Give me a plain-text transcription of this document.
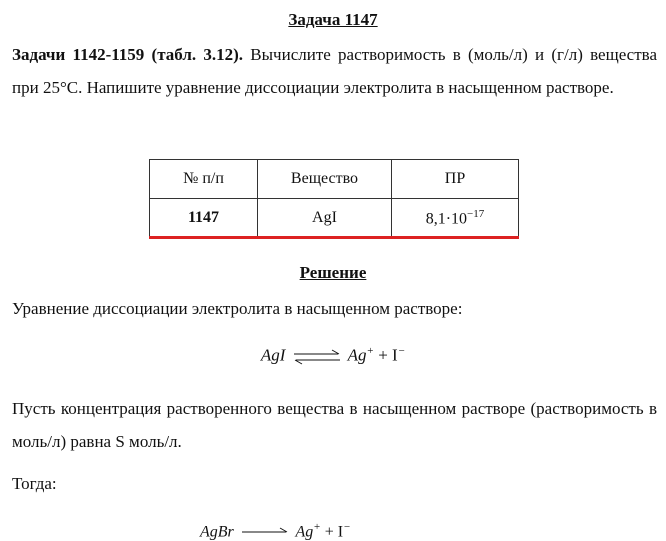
Задача 1147
Задачи 1142-1159 (табл. 3.12). Вычислите растворимость в (моль/л) и (г/л) вещества при 25°C. Напишите уравнение диссоциации электролита в насыщенном растворе.
№ п/п	Вещество	ПР
1147	AgI	$8,1\cdot 10^{-17}$
Решение
Уравнение диссоциации электролита в насыщенном растворе:
AgI ⇌ Ag+ + I−
Пусть концентрация растворенного вещества в насыщенном растворе (растворимость в моль/л) равна S моль/л.
Тогда:
AgBr → Ag+ + I−
